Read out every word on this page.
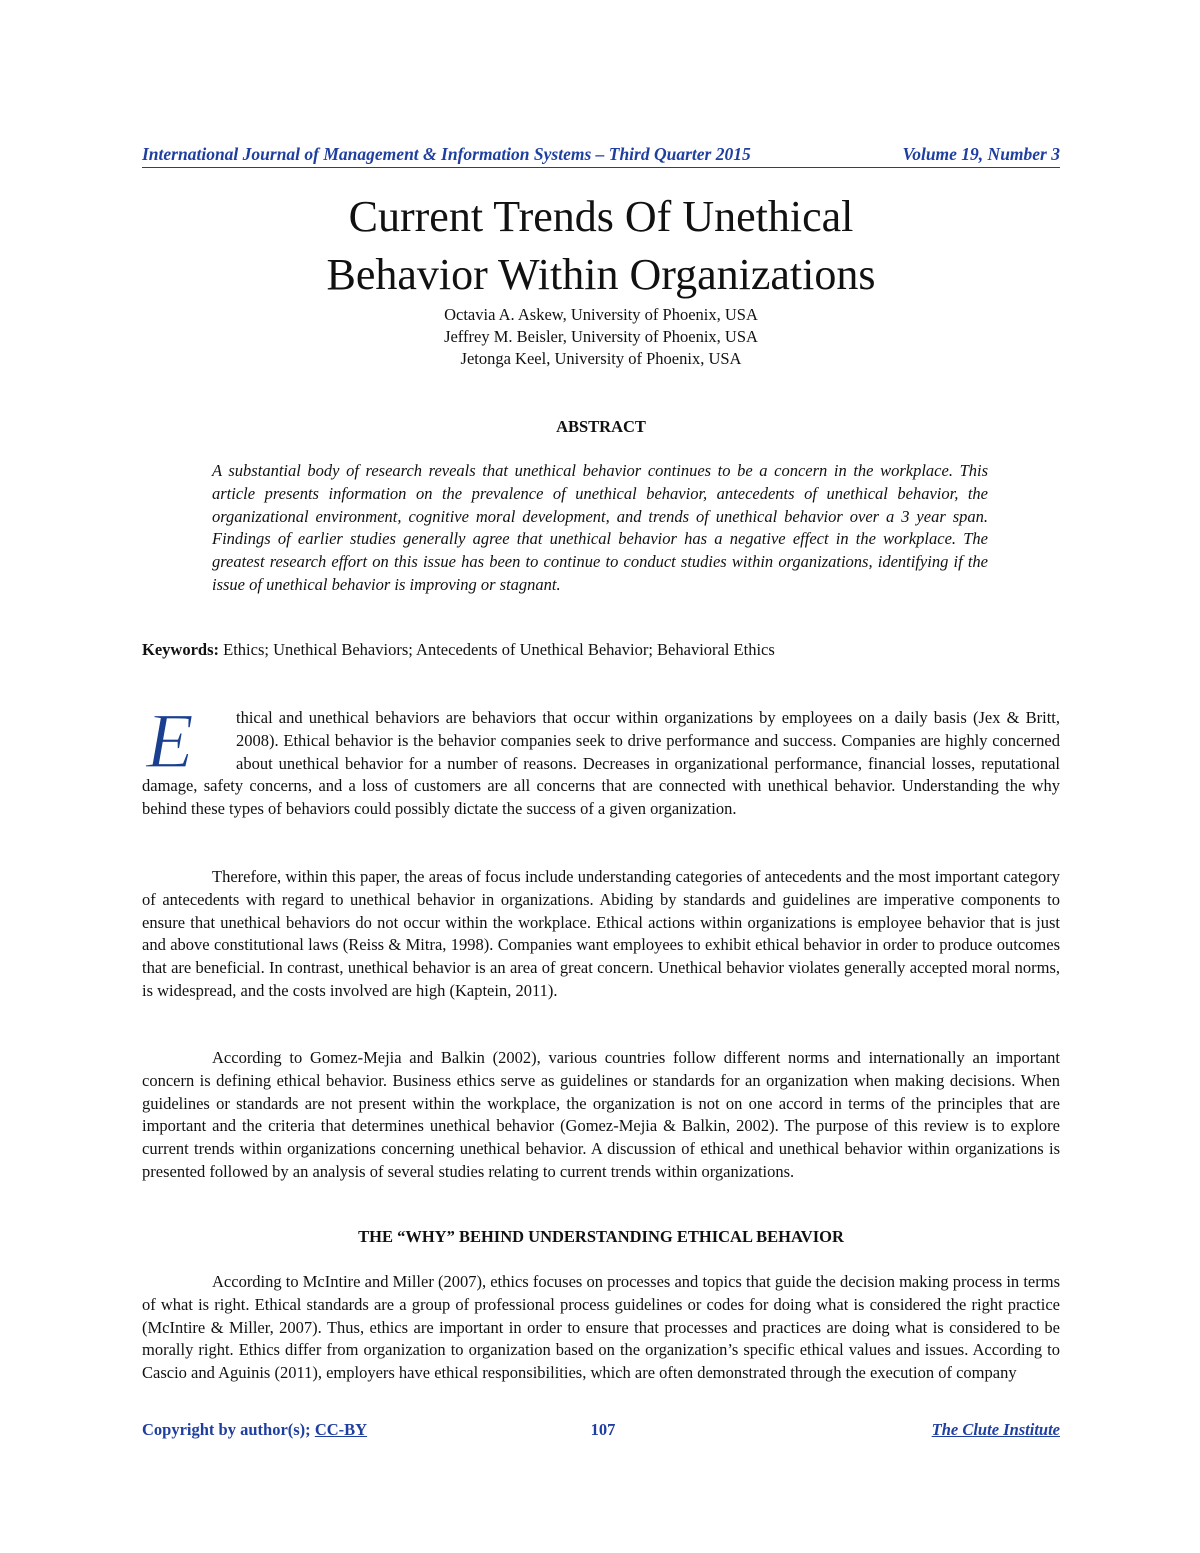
International Journal of Management & Information Systems – Third Quarter 2015	Volume 19, Number 3
Current Trends Of Unethical
Behavior Within Organizations
Octavia A. Askew, University of Phoenix, USA
Jeffrey M. Beisler, University of Phoenix, USA
Jetonga Keel, University of Phoenix, USA
ABSTRACT

A substantial body of research reveals that unethical behavior continues to be a concern in the workplace. This article presents information on the prevalence of unethical behavior, antecedents of unethical behavior, the organizational environment, cognitive moral development, and trends of unethical behavior over a 3 year span. Findings of earlier studies generally agree that unethical behavior has a negative effect in the workplace. The greatest research effort on this issue has been to continue to conduct studies within organizations, identifying if the issue of unethical behavior is improving or stagnant.

Keywords: Ethics; Unethical Behaviors; Antecedents of Unethical Behavior; Behavioral Ethics

E	thical and unethical behaviors are behaviors that occur within organizations by employees on a daily basis (Jex & Britt, 2008). Ethical behavior is the behavior companies seek to drive performance and success. Companies are highly concerned about unethical behavior for a number of reasons. Decreases in organizational performance, financial losses, reputational damage, safety concerns, and a loss of customers are all concerns that are connected with unethical behavior. Understanding the why behind these types of behaviors could possibly dictate the success of a given organization.

Therefore, within this paper, the areas of focus include understanding categories of antecedents and the most important category of antecedents with regard to unethical behavior in organizations. Abiding by standards and guidelines are imperative components to ensure that unethical behaviors do not occur within the workplace. Ethical actions within organizations is employee behavior that is just and above constitutional laws (Reiss & Mitra, 1998). Companies want employees to exhibit ethical behavior in order to produce outcomes that are beneficial. In contrast, unethical behavior is an area of great concern. Unethical behavior violates generally accepted moral norms, is widespread, and the costs involved are high (Kaptein, 2011).

According to Gomez-Mejia and Balkin (2002), various countries follow different norms and internationally an important concern is defining ethical behavior. Business ethics serve as guidelines or standards for an organization when making decisions. When guidelines or standards are not present within the workplace, the organization is not on one accord in terms of the principles that are important and the criteria that determines unethical behavior (Gomez-Mejia & Balkin, 2002). The purpose of this review is to explore current trends within organizations concerning unethical behavior. A discussion of ethical and unethical behavior within organizations is presented followed by an analysis of several studies relating to current trends within organizations.

THE “WHY” BEHIND UNDERSTANDING ETHICAL BEHAVIOR

According to McIntire and Miller (2007), ethics focuses on processes and topics that guide the decision making process in terms of what is right. Ethical standards are a group of professional process guidelines or codes for doing what is considered the right practice (McIntire & Miller, 2007). Thus, ethics are important in order to ensure that processes and practices are doing what is considered to be morally right. Ethics differ from organization to organization based on the organization’s specific ethical values and issues. According to Cascio and Aguinis (2011), employers have ethical responsibilities, which are often demonstrated through the execution of company

Copyright by author(s); CC-BY	107	The Clute Institute
